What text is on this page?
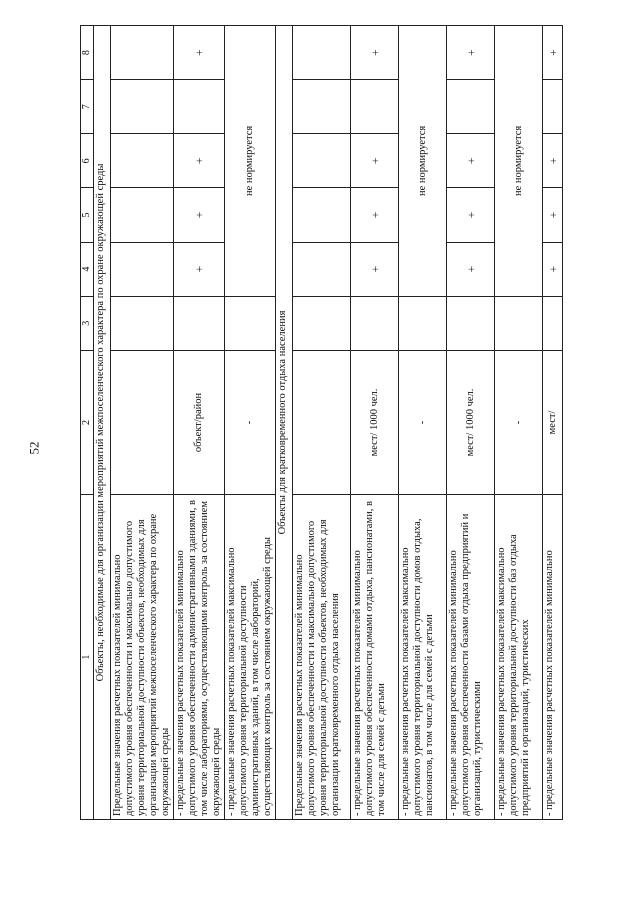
52
1	2	3	4	5	6	7	8
Объекты, необходимые для организации мероприятий межпоселенческого характера по охране окружающей среды							
Предельные значения расчетных показателей минимально допустимого уровня обеспеченности и максимально допустимого уровня территориальной доступности объектов, необходимых для организации мероприятий межпоселенческого характера по охране окружающей среды							
- предельные значения расчетных показателей минимально допустимого уровня обеспеченности административными зданиями, в том числе лабораториями, осуществляющими контроль за состоянием окружающей среды	объект/район		+	+	+		+
- предельные значения расчетных показателей максимально допустимого уровня территориальной доступности административных зданий, в том числе лабораторий, осуществляющих контроль за состоянием окружающей среды	-		не нормируется				
Объекты для кратковременного отдыха населения							
Предельные значения расчетных показателей минимально допустимого уровня обеспеченности и максимально допустимого уровня территориальной доступности объектов, необходимых для организации кратковременного отдыха населения							
- предельные значения расчетных показателей минимально допустимого уровня обеспеченности домами отдыха, пансионатами, в том числе для семей с детьми	мест/ 1000 чел.		+	+	+		+
- предельные значения расчетных показателей максимально допустимого уровня территориальной доступности домов отдыха, пансионатов, в том числе для семей с детьми	-		не нормируется				
- предельные значения расчетных показателей минимально допустимого уровня обеспеченности базами отдыха предприятий и организаций, туристическими	мест/ 1000 чел.		+	+	+		+
- предельные значения расчетных показателей максимально допустимого уровня территориальной доступности баз отдыха предприятий и организаций, туристических	-		не нормируется				
- предельные значения расчетных показателей минимально	мест/		+	+	+		+
